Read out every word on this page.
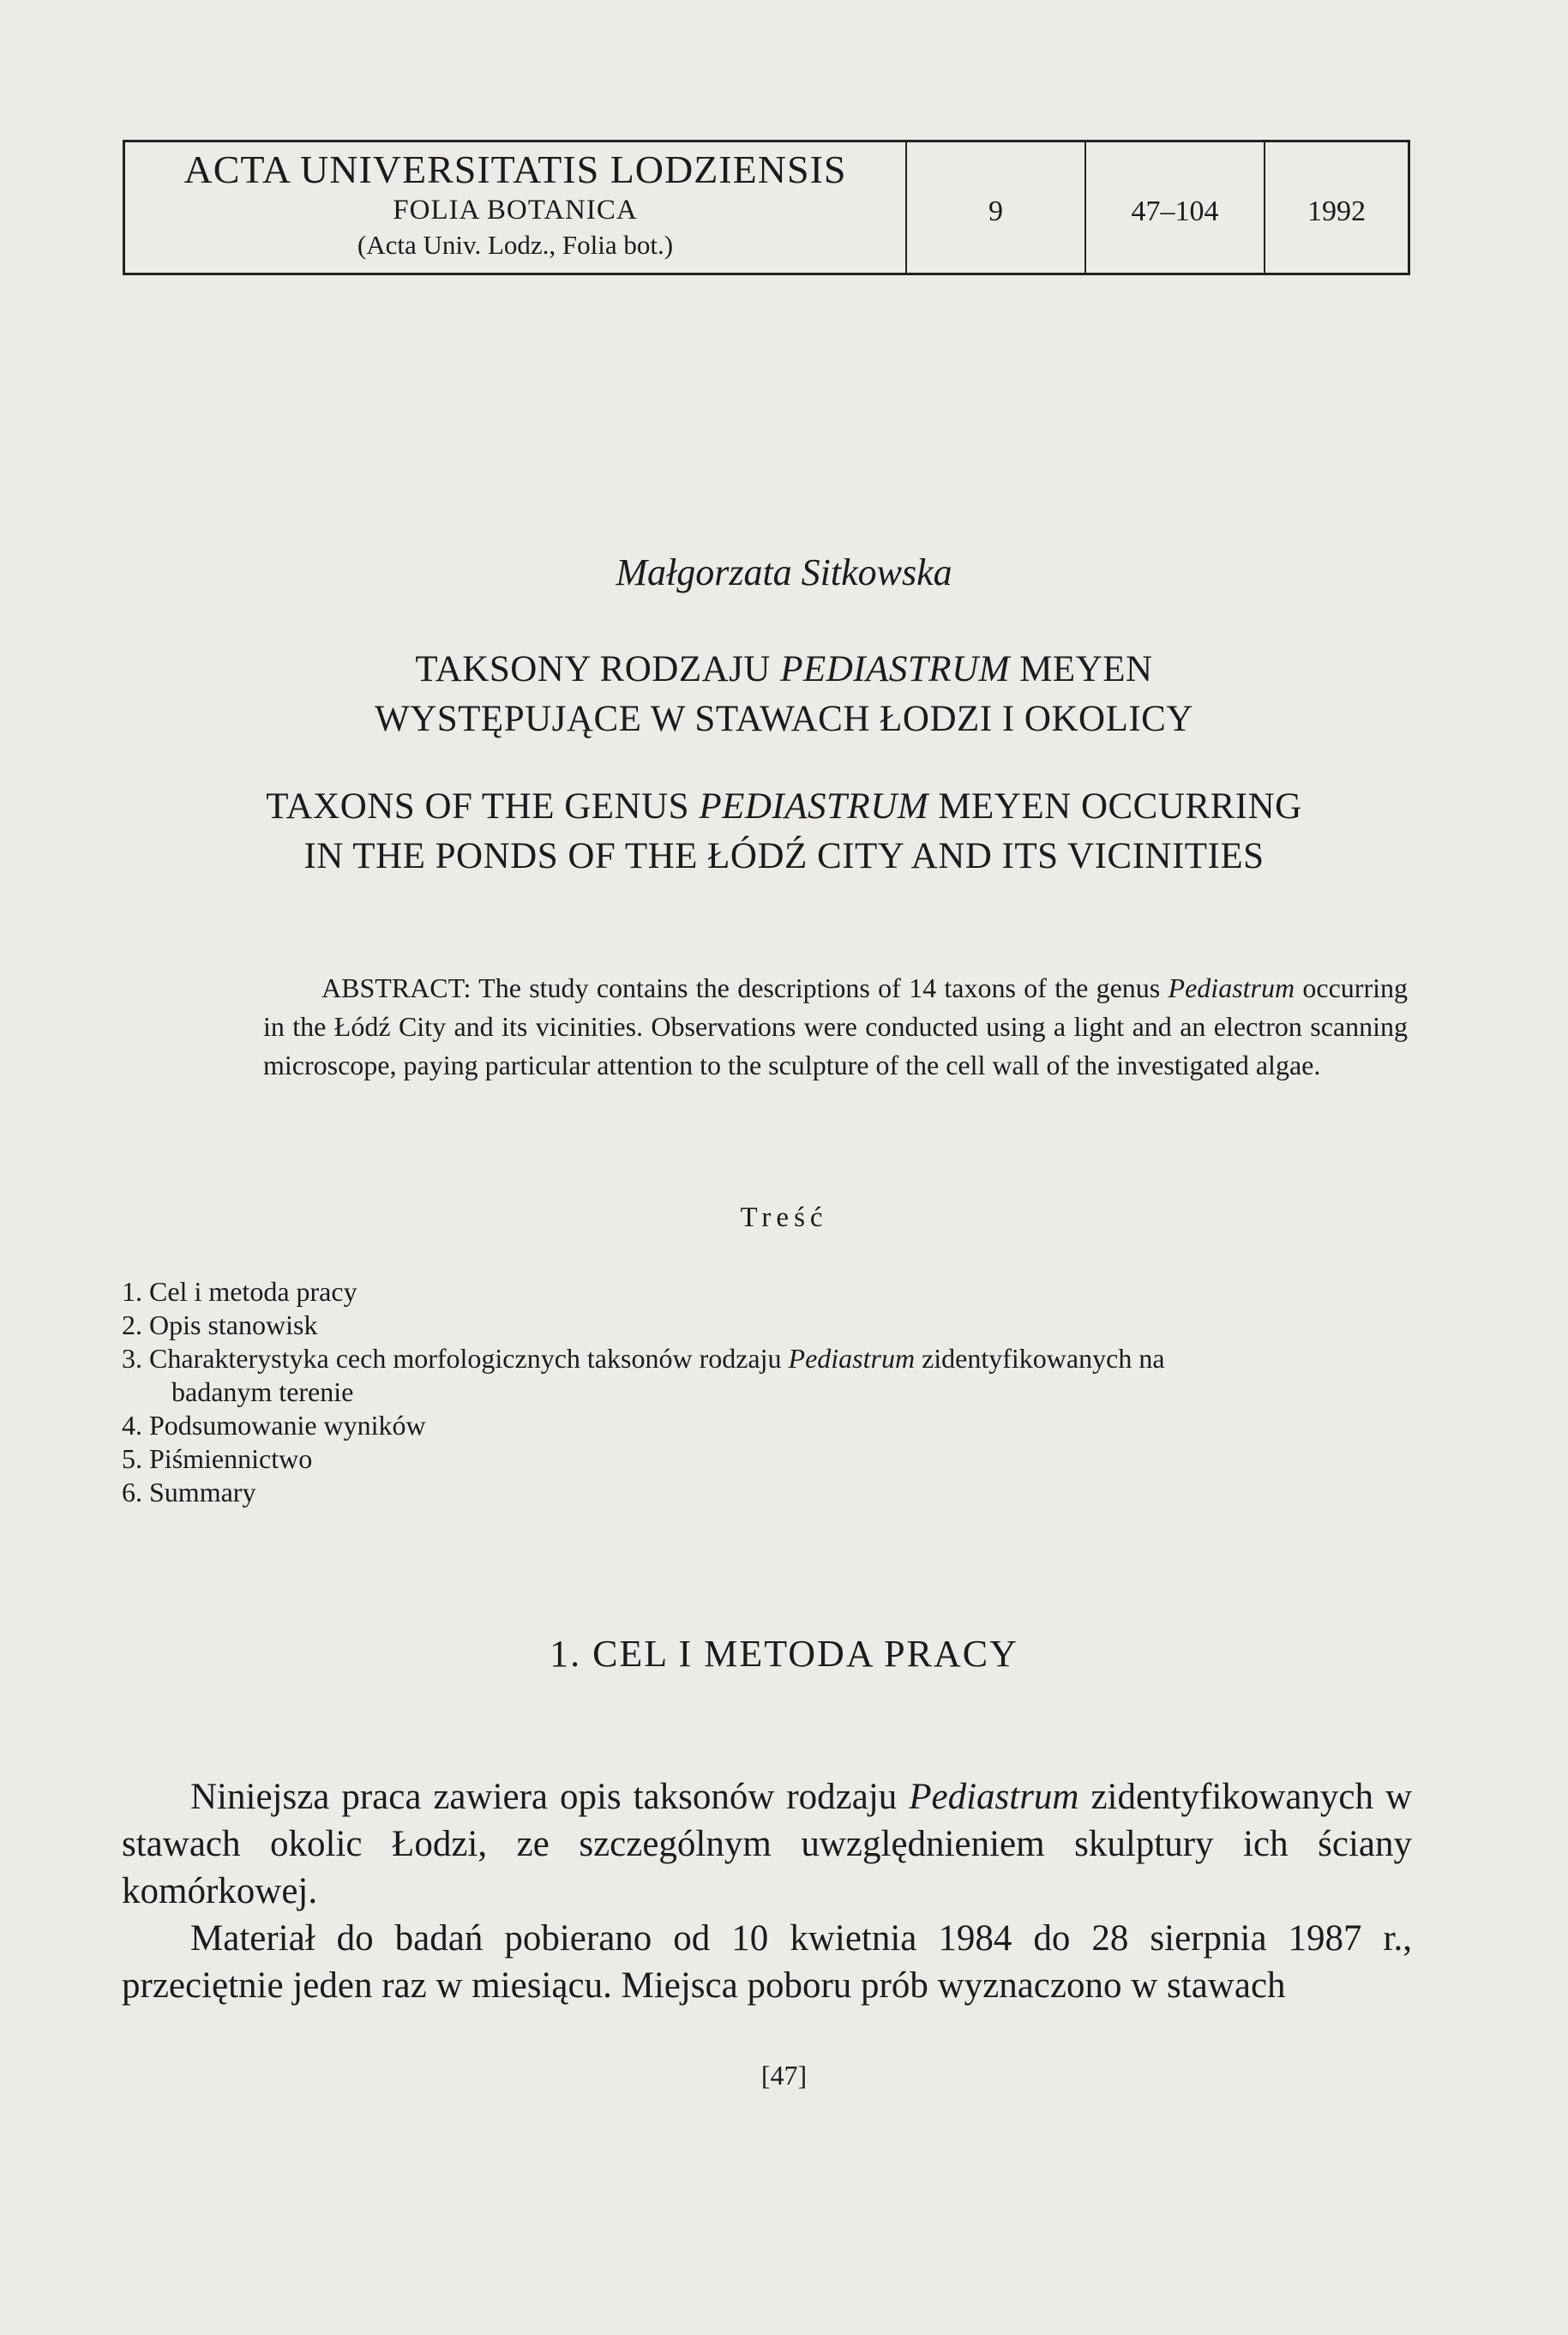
ACTA UNIVERSITATIS LODZIENSIS
FOLIA BOTANICA
(Acta Univ. Lodz., Folia bot.)
9	47–104	1992
Małgorzata Sitkowska
TAKSONY RODZAJU PEDIASTRUM MEYEN
WYSTĘPUJĄCE W STAWACH ŁODZI I OKOLICY
TAXONS OF THE GENUS PEDIASTRUM MEYEN OCCURRING
IN THE PONDS OF THE ŁÓDŹ CITY AND ITS VICINITIES
ABSTRACT: The study contains the descriptions of 14 taxons of the genus Pediastrum occurring in the Łódź City and its vicinities. Observations were conducted using a light and an electron scanning microscope, paying particular attention to the sculpture of the cell wall of the investigated algae.
Treść
1. Cel i metoda pracy
2. Opis stanowisk
3. Charakterystyka cech morfologicznych taksonów rodzaju Pediastrum zidentyfikowanych na
badanym terenie
4. Podsumowanie wyników
5. Piśmiennictwo
6. Summary
1. CEL I METODA PRACY

Niniejsza praca zawiera opis taksonów rodzaju Pediastrum zidentyfikowanych w stawach okolic Łodzi, ze szczególnym uwzględnieniem skulptury ich ściany komórkowej.

Materiał do badań pobierano od 10 kwietnia 1984 do 28 sierpnia 1987 r., przeciętnie jeden raz w miesiącu. Miejsca poboru prób wyznaczono w stawach

[47]
